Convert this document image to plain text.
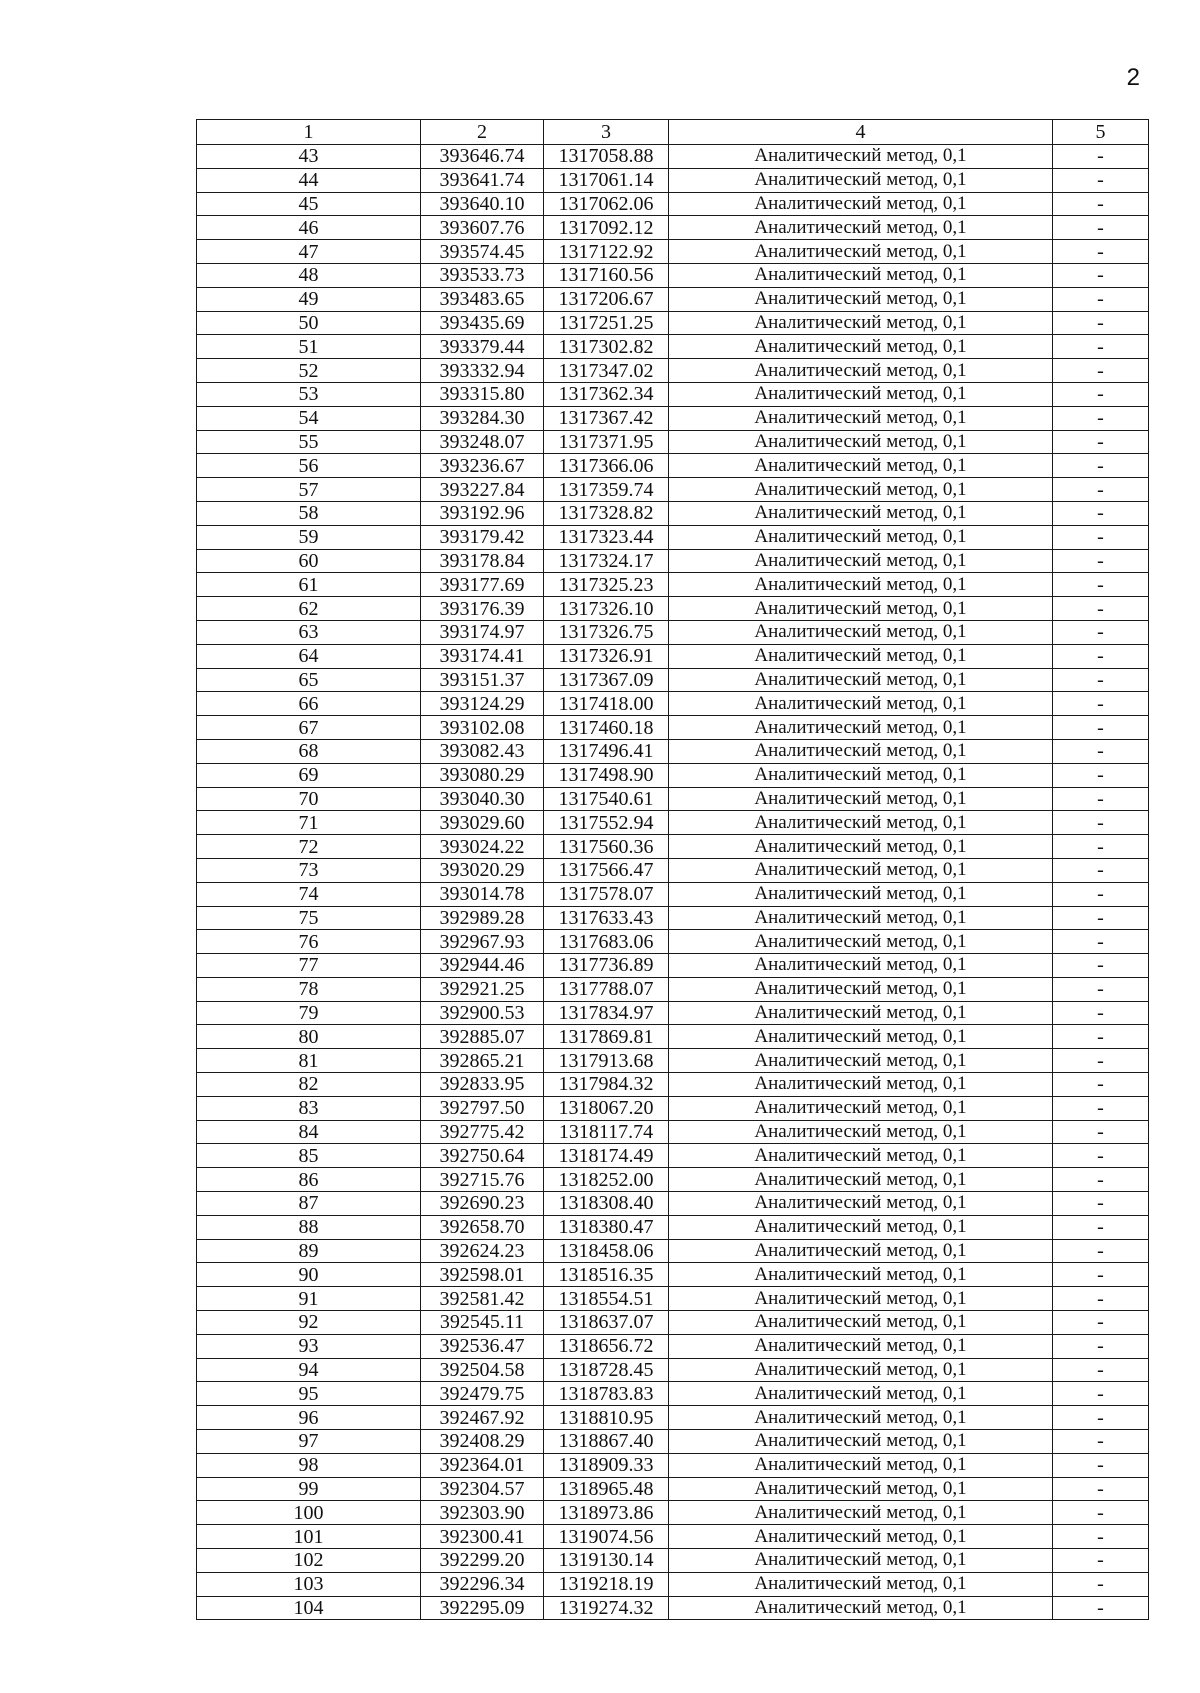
2
1	2	3	4	5
43	393646.74	1317058.88	Аналитический метод, 0,1	-
44	393641.74	1317061.14	Аналитический метод, 0,1	-
45	393640.10	1317062.06	Аналитический метод, 0,1	-
46	393607.76	1317092.12	Аналитический метод, 0,1	-
47	393574.45	1317122.92	Аналитический метод, 0,1	-
48	393533.73	1317160.56	Аналитический метод, 0,1	-
49	393483.65	1317206.67	Аналитический метод, 0,1	-
50	393435.69	1317251.25	Аналитический метод, 0,1	-
51	393379.44	1317302.82	Аналитический метод, 0,1	-
52	393332.94	1317347.02	Аналитический метод, 0,1	-
53	393315.80	1317362.34	Аналитический метод, 0,1	-
54	393284.30	1317367.42	Аналитический метод, 0,1	-
55	393248.07	1317371.95	Аналитический метод, 0,1	-
56	393236.67	1317366.06	Аналитический метод, 0,1	-
57	393227.84	1317359.74	Аналитический метод, 0,1	-
58	393192.96	1317328.82	Аналитический метод, 0,1	-
59	393179.42	1317323.44	Аналитический метод, 0,1	-
60	393178.84	1317324.17	Аналитический метод, 0,1	-
61	393177.69	1317325.23	Аналитический метод, 0,1	-
62	393176.39	1317326.10	Аналитический метод, 0,1	-
63	393174.97	1317326.75	Аналитический метод, 0,1	-
64	393174.41	1317326.91	Аналитический метод, 0,1	-
65	393151.37	1317367.09	Аналитический метод, 0,1	-
66	393124.29	1317418.00	Аналитический метод, 0,1	-
67	393102.08	1317460.18	Аналитический метод, 0,1	-
68	393082.43	1317496.41	Аналитический метод, 0,1	-
69	393080.29	1317498.90	Аналитический метод, 0,1	-
70	393040.30	1317540.61	Аналитический метод, 0,1	-
71	393029.60	1317552.94	Аналитический метод, 0,1	-
72	393024.22	1317560.36	Аналитический метод, 0,1	-
73	393020.29	1317566.47	Аналитический метод, 0,1	-
74	393014.78	1317578.07	Аналитический метод, 0,1	-
75	392989.28	1317633.43	Аналитический метод, 0,1	-
76	392967.93	1317683.06	Аналитический метод, 0,1	-
77	392944.46	1317736.89	Аналитический метод, 0,1	-
78	392921.25	1317788.07	Аналитический метод, 0,1	-
79	392900.53	1317834.97	Аналитический метод, 0,1	-
80	392885.07	1317869.81	Аналитический метод, 0,1	-
81	392865.21	1317913.68	Аналитический метод, 0,1	-
82	392833.95	1317984.32	Аналитический метод, 0,1	-
83	392797.50	1318067.20	Аналитический метод, 0,1	-
84	392775.42	1318117.74	Аналитический метод, 0,1	-
85	392750.64	1318174.49	Аналитический метод, 0,1	-
86	392715.76	1318252.00	Аналитический метод, 0,1	-
87	392690.23	1318308.40	Аналитический метод, 0,1	-
88	392658.70	1318380.47	Аналитический метод, 0,1	-
89	392624.23	1318458.06	Аналитический метод, 0,1	-
90	392598.01	1318516.35	Аналитический метод, 0,1	-
91	392581.42	1318554.51	Аналитический метод, 0,1	-
92	392545.11	1318637.07	Аналитический метод, 0,1	-
93	392536.47	1318656.72	Аналитический метод, 0,1	-
94	392504.58	1318728.45	Аналитический метод, 0,1	-
95	392479.75	1318783.83	Аналитический метод, 0,1	-
96	392467.92	1318810.95	Аналитический метод, 0,1	-
97	392408.29	1318867.40	Аналитический метод, 0,1	-
98	392364.01	1318909.33	Аналитический метод, 0,1	-
99	392304.57	1318965.48	Аналитический метод, 0,1	-
100	392303.90	1318973.86	Аналитический метод, 0,1	-
101	392300.41	1319074.56	Аналитический метод, 0,1	-
102	392299.20	1319130.14	Аналитический метод, 0,1	-
103	392296.34	1319218.19	Аналитический метод, 0,1	-
104	392295.09	1319274.32	Аналитический метод, 0,1	-
